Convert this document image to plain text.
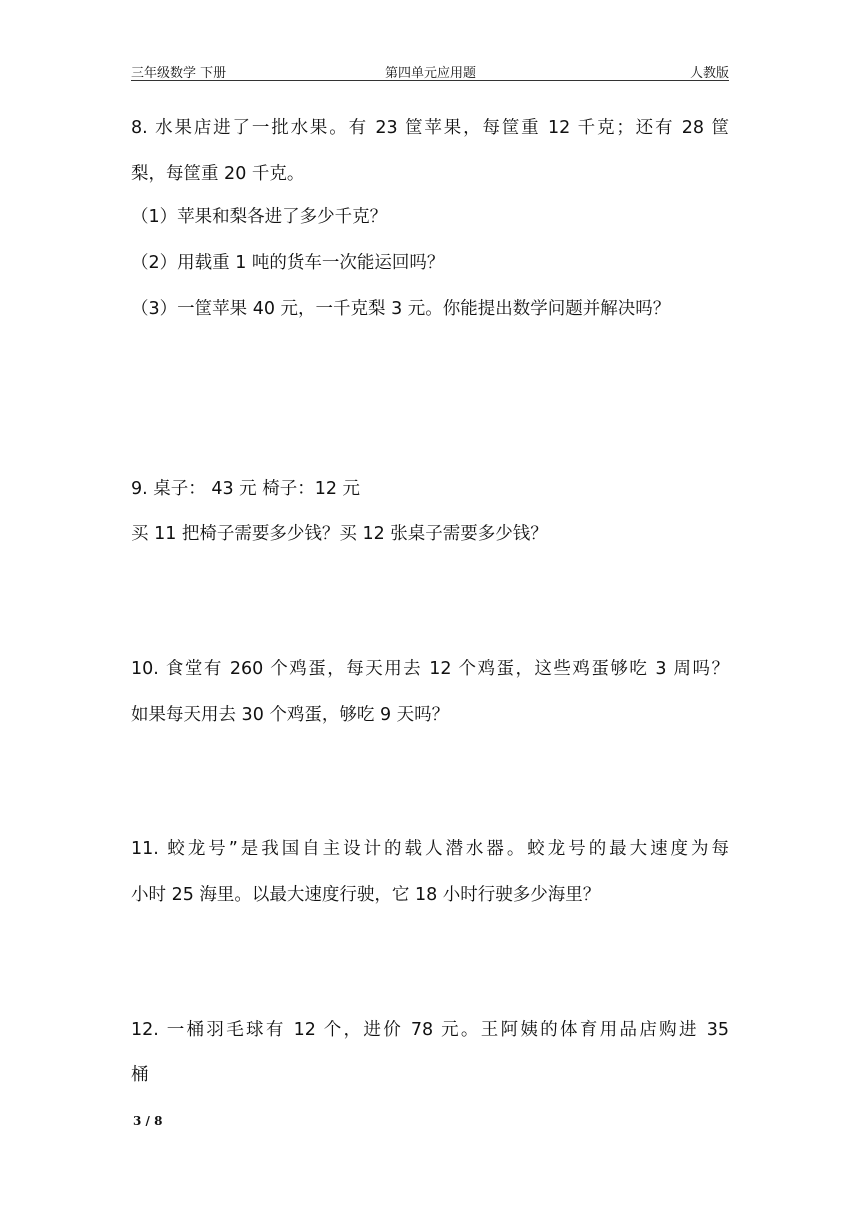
三年级数学 下册	第四单元应用题	人教版
8. 水果店进了一批水果。有 23 筐苹果，每筐重 12 千克；还有 28 筐
梨，每筐重 20 千克。
（1）苹果和梨各进了多少千克？
（2）用载重 1 吨的货车一次能运回吗？
（3）一筐苹果 40 元，一千克梨 3 元。你能提出数学问题并解决吗？
9. 桌子： 43 元 椅子：12 元
买 11 把椅子需要多少钱？买 12 张桌子需要多少钱？
10. 食堂有 260 个鸡蛋，每天用去 12 个鸡蛋，这些鸡蛋够吃 3 周吗？
如果每天用去 30 个鸡蛋，够吃 9 天吗？
11. 蛟龙号”是我国自主设计的载人潜水器。蛟龙号的最大速度为每
小时 25 海里。以最大速度行驶，它 18 小时行驶多少海里？
12. 一桶羽毛球有 12 个，进价 78 元。王阿姨的体育用品店购进 35
桶
3 / 8
